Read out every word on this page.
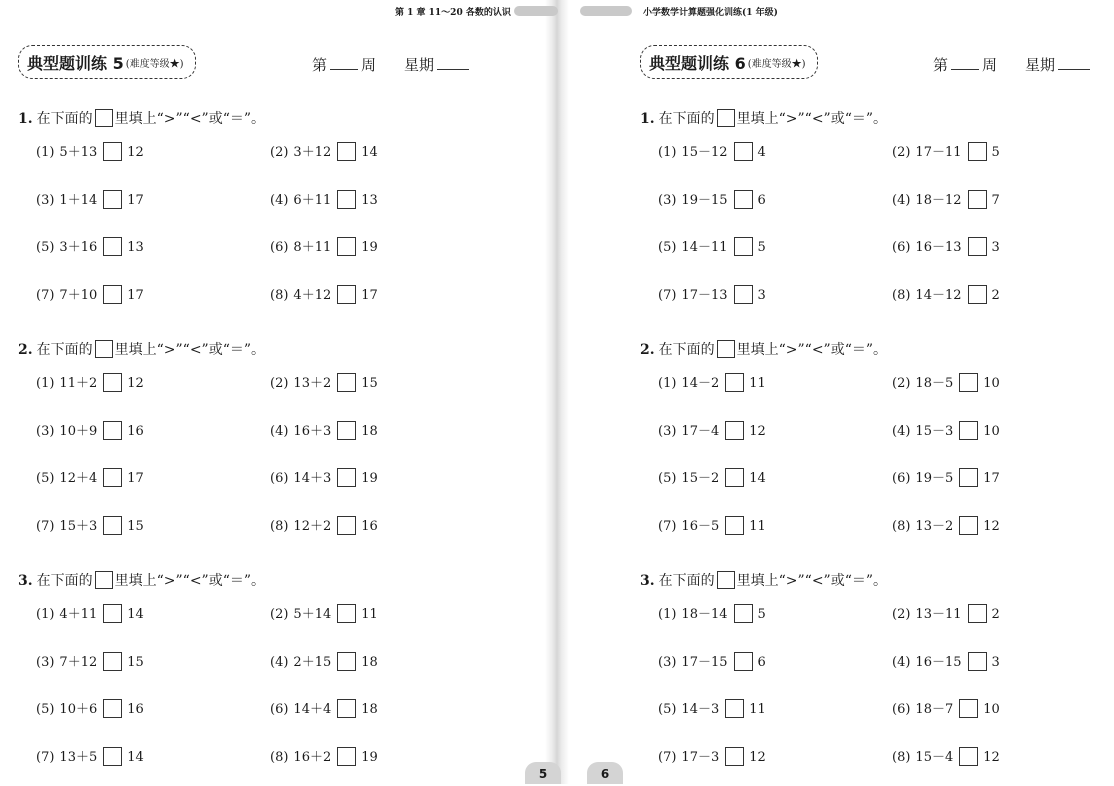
第 1 章 11～20 各数的认识	小学数学计算题强化训练(1 年级)
典型题训练 5 (难度等级★)	第 周 星期	典型题训练 6 (难度等级★)	第 周 星期
1. 在下面的 里填上“>”“<”或“＝”。
(1) 5＋13 12	(2) 3＋12 14
(3) 1＋14 17	(4) 6＋11 13
(5) 3＋16 13	(6) 8＋11 19
(7) 7＋10 17	(8) 4＋12 17
2. 在下面的 里填上“>”“<”或“＝”。
(1) 11＋2 12	(2) 13＋2 15
(3) 10＋9 16	(4) 16＋3 18
(5) 12＋4 17	(6) 14＋3 19
(7) 15＋3 15	(8) 12＋2 16
3. 在下面的 里填上“>”“<”或“＝”。
(1) 4＋11 14	(2) 5＋14 11
(3) 7＋12 15	(4) 2＋15 18
(5) 10＋6 16	(6) 14＋4 18
(7) 13＋5 14	(8) 16＋2 19
1. 在下面的 里填上“>”“<”或“＝”。
(1) 15－12 4	(2) 17－11 5
(3) 19－15 6	(4) 18－12 7
(5) 14－11 5	(6) 16－13 3
(7) 17－13 3	(8) 14－12 2
2. 在下面的 里填上“>”“<”或“＝”。
(1) 14－2 11	(2) 18－5 10
(3) 17－4 12	(4) 15－3 10
(5) 15－2 14	(6) 19－5 17
(7) 16－5 11	(8) 13－2 12
3. 在下面的 里填上“>”“<”或“＝”。
(1) 18－14 5	(2) 13－11 2
(3) 17－15 6	(4) 16－15 3
(5) 14－3 11	(6) 18－7 10
(7) 17－3 12	(8) 15－4 12
5	6
